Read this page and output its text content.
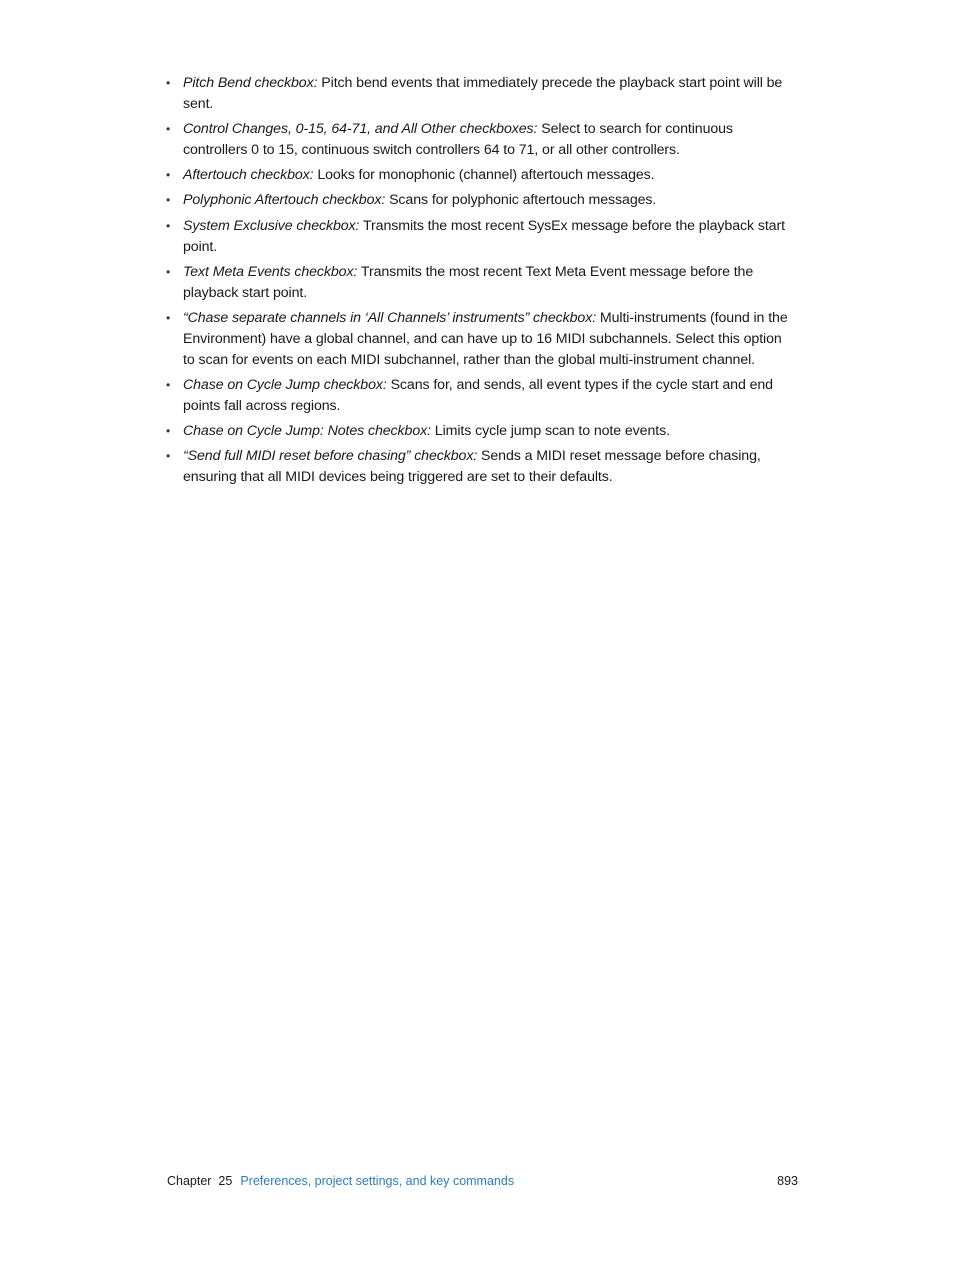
• Pitch Bend checkbox: Pitch bend events that immediately precede the playback start point will be sent.
• Control Changes, 0-15, 64-71, and All Other checkboxes: Select to search for continuous controllers 0 to 15, continuous switch controllers 64 to 71, or all other controllers.
• Aftertouch checkbox: Looks for monophonic (channel) aftertouch messages.
• Polyphonic Aftertouch checkbox: Scans for polyphonic aftertouch messages.
• System Exclusive checkbox: Transmits the most recent SysEx message before the playback start point.
• Text Meta Events checkbox: Transmits the most recent Text Meta Event message before the playback start point.
• “Chase separate channels in ‘All Channels’ instruments” checkbox: Multi-instruments (found in the Environment) have a global channel, and can have up to 16 MIDI subchannels. Select this option to scan for events on each MIDI subchannel, rather than the global multi-instrument channel.
• Chase on Cycle Jump checkbox: Scans for, and sends, all event types if the cycle start and end points fall across regions.
• Chase on Cycle Jump: Notes checkbox: Limits cycle jump scan to note events.
• “Send full MIDI reset before chasing” checkbox: Sends a MIDI reset message before chasing, ensuring that all MIDI devices being triggered are set to their defaults.
Chapter  25 Preferences, project settings, and key commands	893
